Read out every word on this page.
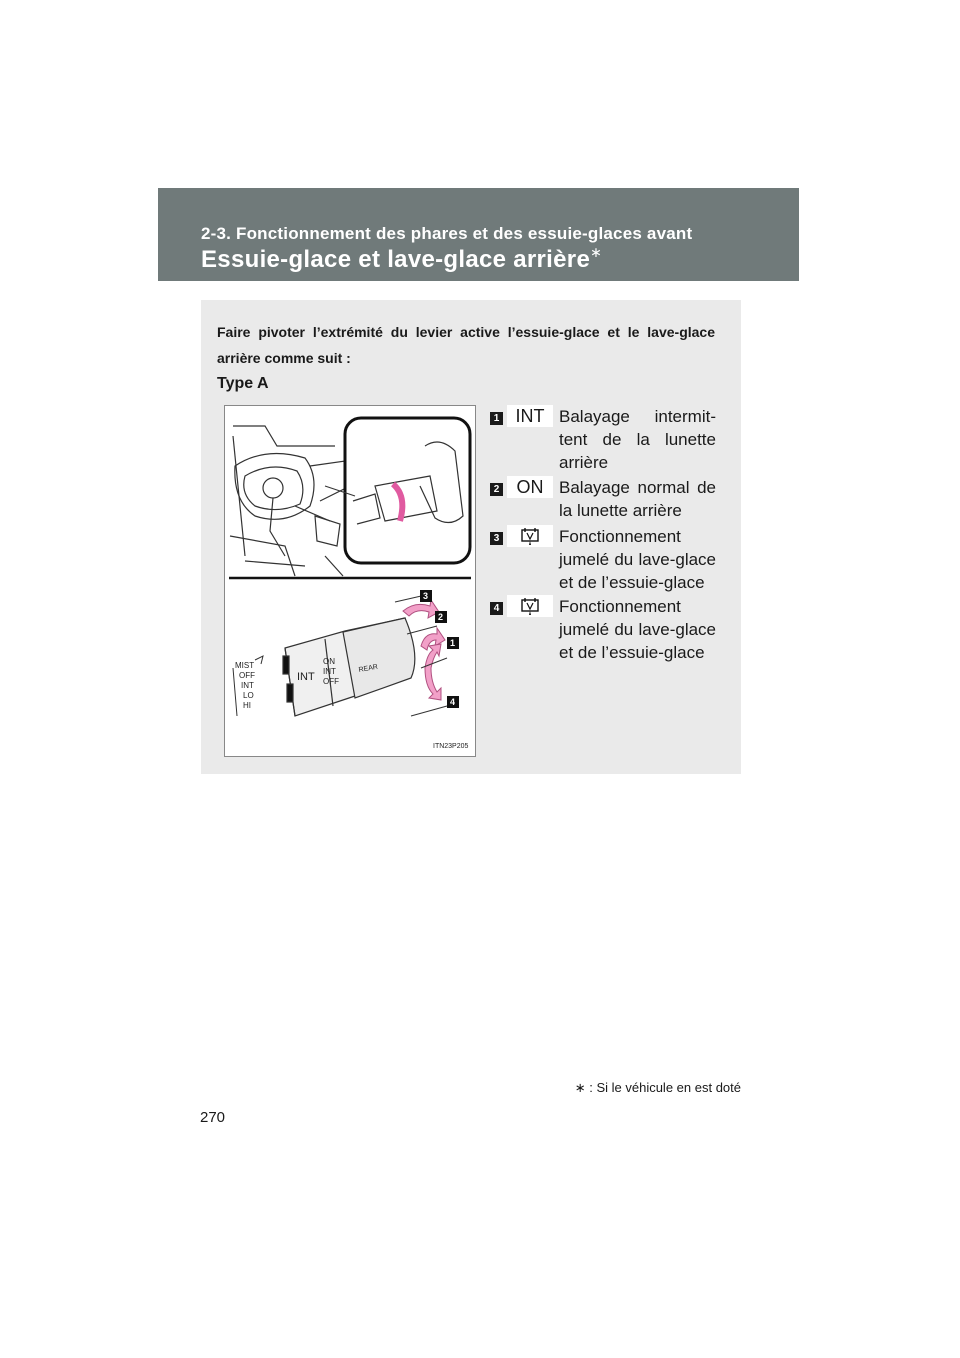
2-3. Fonctionnement des phares et des essuie-glaces avant
Essuie-glace et lave-glace arrière∗
Faire pivoter l’extrémité du levier active l’essuie-glace et le lave-glace arrière comme suit :
Type A
MIST
OFF
INT
LO
HI
INT
ON
INT
OFF
REAR
3
2
1
4
ITN23P205
1 INT Balayage intermit-tent de la lunette arrière
2 ON Balayage normal de la lunette arrière
3	Fonctionnement jumelé du lave-glace et de l’essuie-glace
4	Fonctionnement jumelé du lave-glace et de l’essuie-glace
∗ : Si le véhicule en est doté
270
